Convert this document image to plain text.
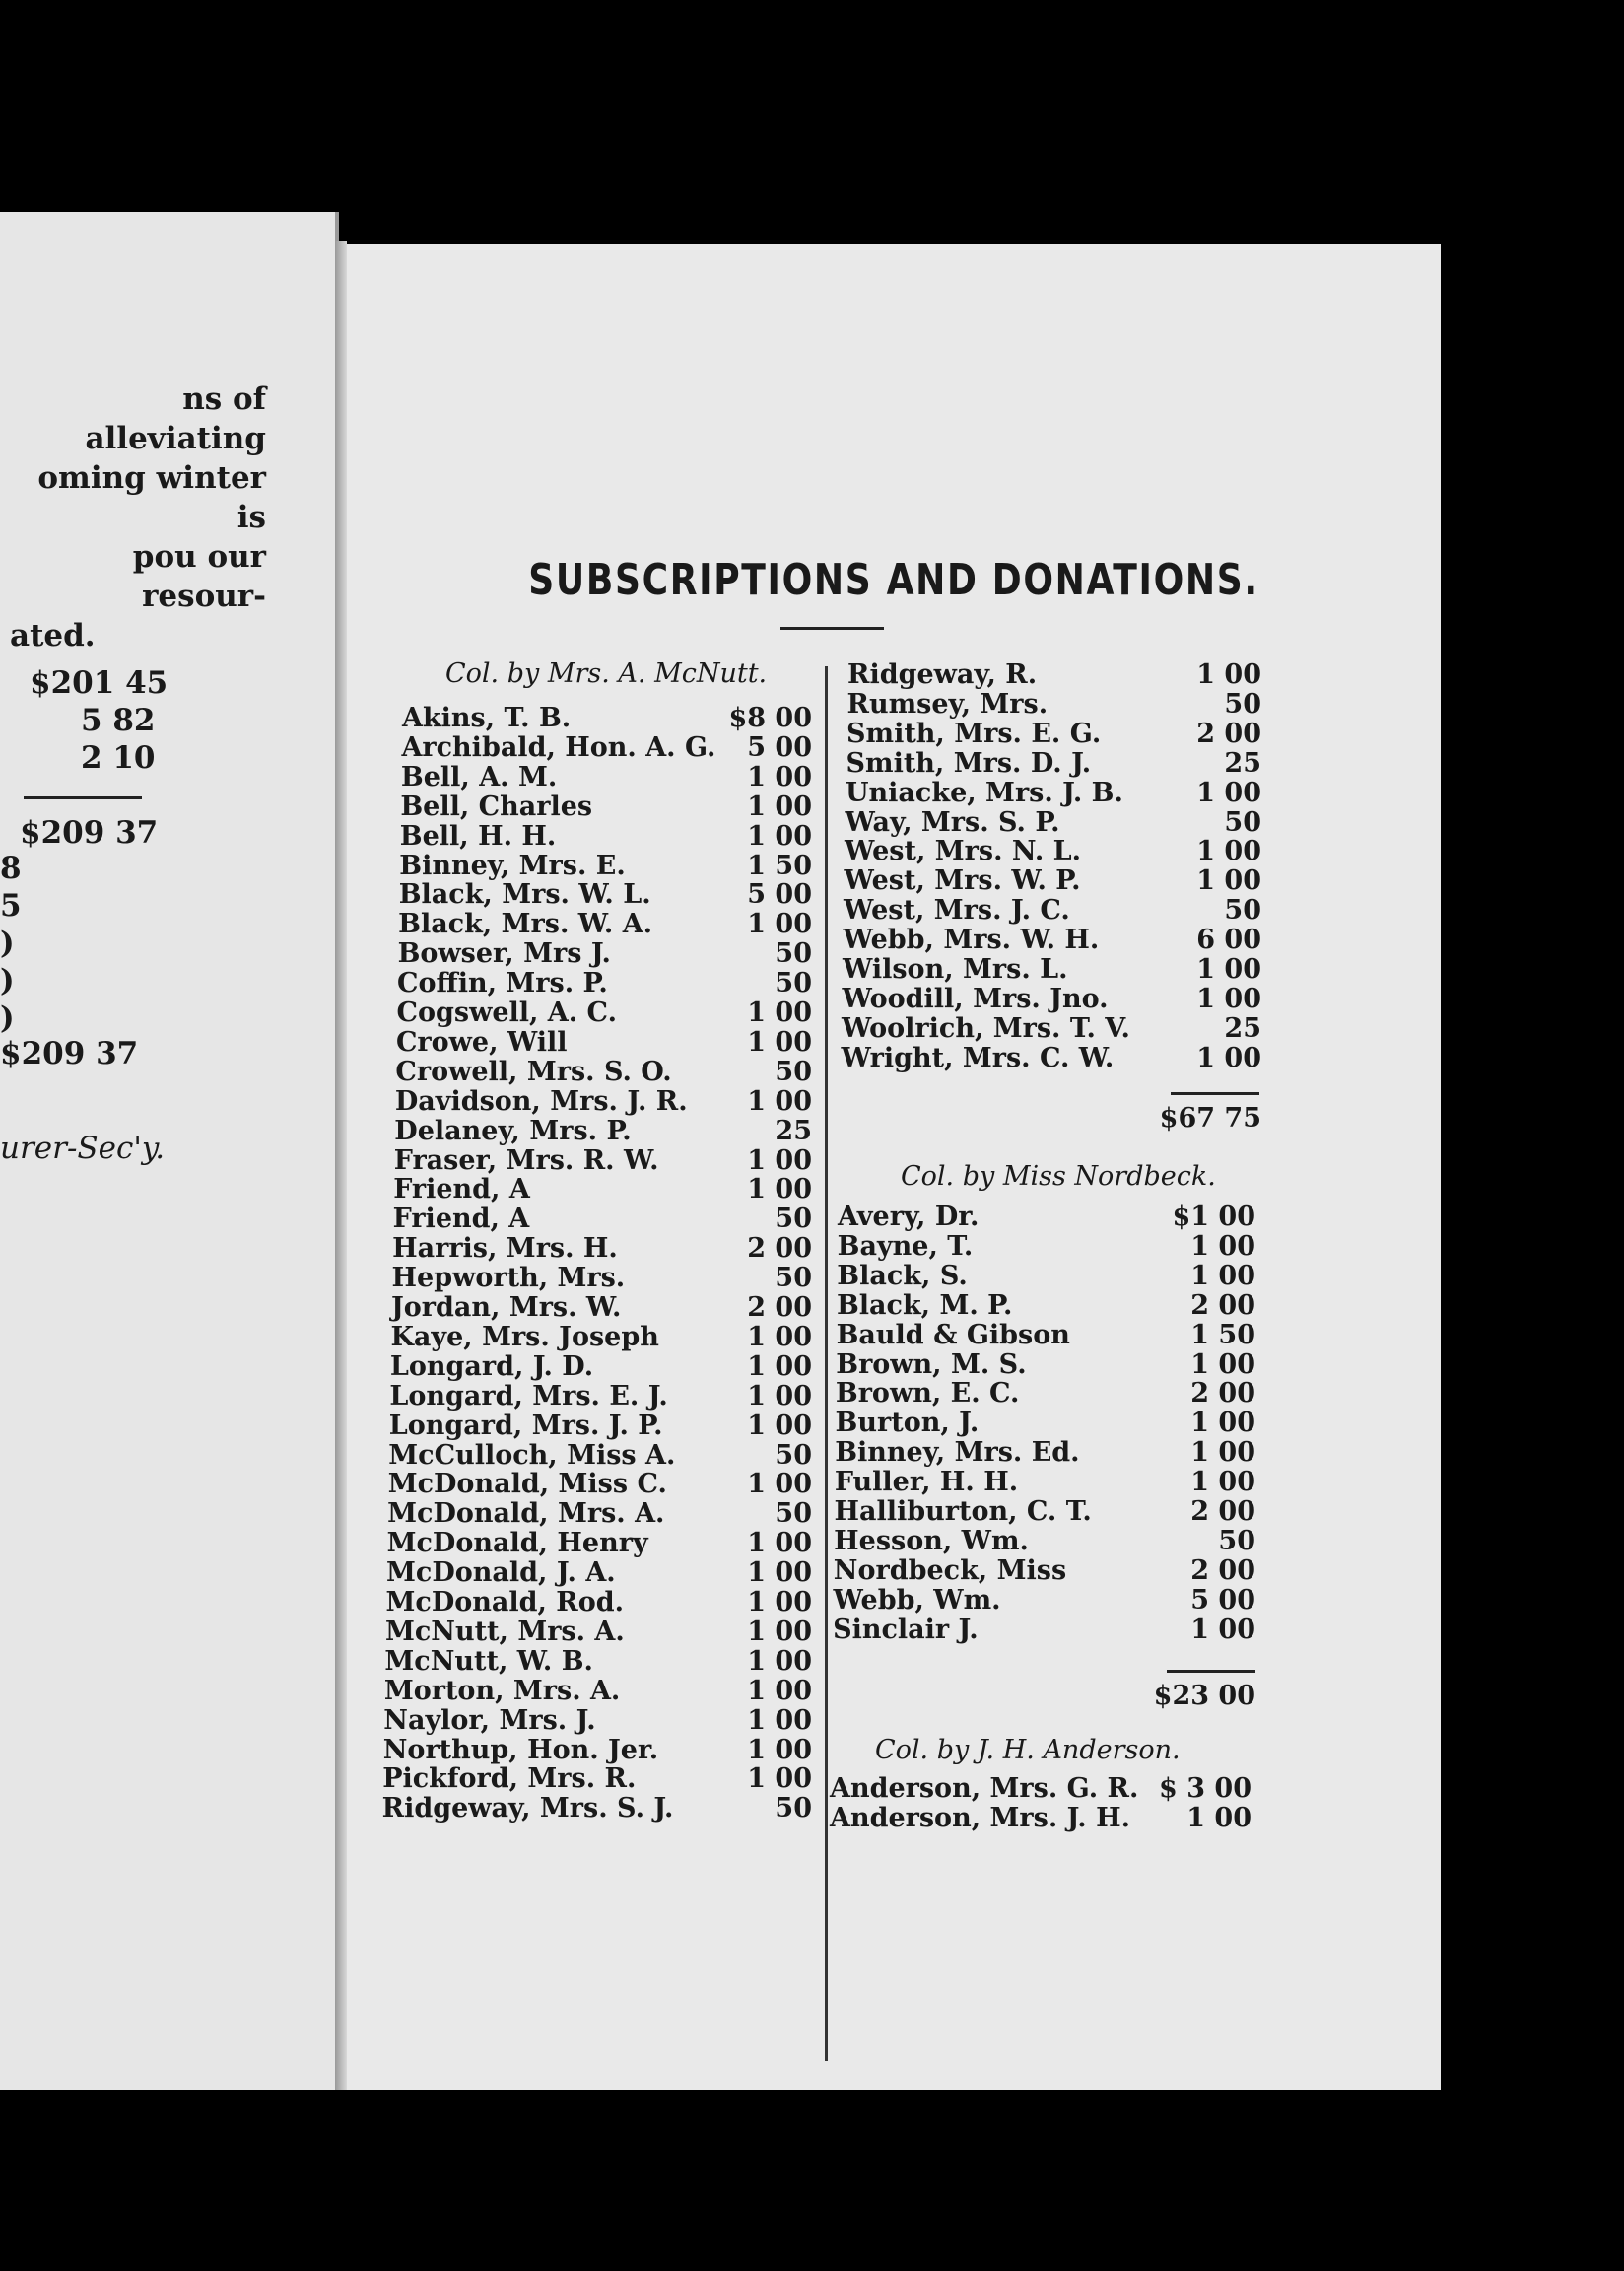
ns of alleviating
oming winter is
pou our resour-
ated.
$201 45
5 82
2 10
$209 37
8
5
)
)
)
$209 37
urer-Sec'y.
SUBSCRIPTIONS AND DONATIONS.
Col. by Mrs. A. McNutt.
Akins, T. B.	$8 00
Archibald, Hon. A. G. 5 00
Bell, A. M.	1 00
Bell, Charles	1 00
Bell, H. H.	1 00
Binney, Mrs. E.	1 50
Black, Mrs. W. L.	5 00
Black, Mrs. W. A.	1 00
Bowser, Mrs J.	50
Coffin, Mrs. P.	50
Cogswell, A. C.	1 00
Crowe, Will	1 00
Crowell, Mrs. S. O.	50
Davidson, Mrs. J. R. 1 00
Delaney, Mrs. P.	25
Fraser, Mrs. R. W.	1 00
Friend, A	1 00
Friend, A	50
Harris, Mrs. H.	2 00
Hepworth, Mrs.	50
Jordan, Mrs. W.	2 00
Kaye, Mrs. Joseph	1 00
Longard, J. D.	1 00
Longard, Mrs. E. J.	1 00
Longard, Mrs. J. P.	1 00
McCulloch, Miss A.	50
McDonald, Miss C.	1 00
McDonald, Mrs. A.	50
McDonald, Henry	1 00
McDonald, J. A.	1 00
McDonald, Rod.	1 00
McNutt, Mrs. A.	1 00
McNutt, W. B.	1 00
Morton, Mrs. A.	1 00
Naylor, Mrs. J.	1 00
Northup, Hon. Jer.	1 00
Pickford, Mrs. R.	1 00
Ridgeway, Mrs. S. J.	50
Ridgeway, R.	1 00
Rumsey, Mrs.	50
Smith, Mrs. E. G.	2 00
Smith, Mrs. D. J.	25
Uniacke, Mrs. J. B.	1 00
Way, Mrs. S. P.	50
West, Mrs. N. L.	1 00
West, Mrs. W. P.	1 00
West, Mrs. J. C.	50
Webb, Mrs. W. H.	6 00
Wilson, Mrs. L.	1 00
Woodill, Mrs. Jno.	1 00
Woolrich, Mrs. T. V.	25
Wright, Mrs. C. W.	1 00
$67 75
Col. by Miss Nordbeck.
Avery, Dr.	$1 00
Bayne, T.	1 00
Black, S.	1 00
Black, M. P.	2 00
Bauld & Gibson	1 50
Brown, M. S.	1 00
Brown, E. C.	2 00
Burton, J.	1 00
Binney, Mrs. Ed.	1 00
Fuller, H. H.	1 00
Halliburton, C. T.	2 00
Hesson, Wm.	50
Nordbeck, Miss	2 00
Webb, Wm.	5 00
Sinclair J.	1 00
$23 00
Col. by J. H. Anderson.
Anderson, Mrs. G. R. $ 3 00
Anderson, Mrs. J. H. 1 00
